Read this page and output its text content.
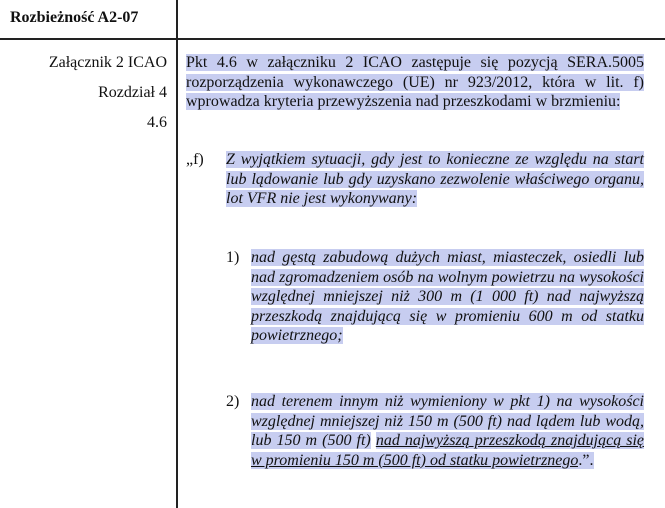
Rozbieżność A2-07
Załącznik 2 ICAO
Rozdział 4
4.6
Pkt 4.6 w załączniku 2 ICAO zastępuje się pozycją SERA.5005 rozporządzenia wykonawczego (UE) nr 923/2012, która w lit. f) wprowadza kryteria przewyższenia nad przeszkodami w brzmieniu:
„f) Z wyjątkiem sytuacji, gdy jest to konieczne ze względu na start lub lądowanie lub gdy uzyskano zezwolenie właściwego organu, lot VFR nie jest wykonywany:
1) nad gęstą zabudową dużych miast, miasteczek, osiedli lub nad zgromadzeniem osób na wolnym powietrzu na wysokości względnej mniejszej niż 300 m (1 000 ft) nad najwyższą przeszkodą znajdującą się w promieniu 600 m od statku powietrznego;
2) nad terenem innym niż wymieniony w pkt 1) na wysokości względnej mniejszej niż 150 m (500 ft) nad lądem lub wodą, lub 150 m (500 ft) nad najwyższą przeszkodą znajdującą się w promieniu 150 m (500 ft) od statku powietrznego.”.
